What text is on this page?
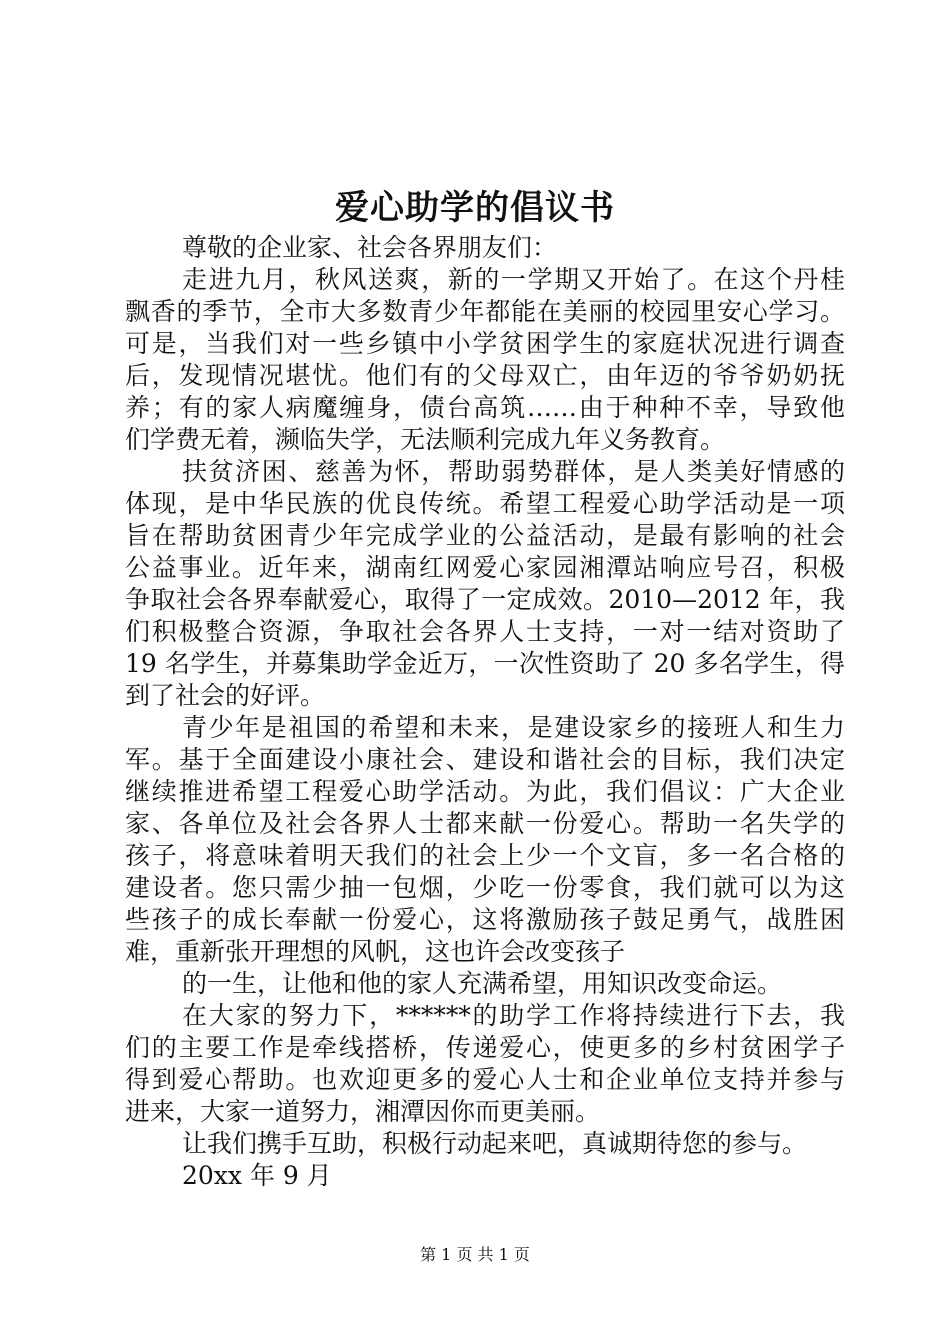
爱心助学的倡议书
尊敬的企业家、社会各界朋友们：
走进九月，秋风送爽，新的一学期又开始了。在这个丹桂
飘香的季节，全市大多数青少年都能在美丽的校园里安心学习。
可是，当我们对一些乡镇中小学贫困学生的家庭状况进行调查
后，发现情况堪忧。他们有的父母双亡，由年迈的爷爷奶奶抚
养；有的家人病魔缠身，债台高筑……由于种种不幸，导致他
们学费无着，濒临失学，无法顺利完成九年义务教育。
扶贫济困、慈善为怀，帮助弱势群体，是人类美好情感的
体现，是中华民族的优良传统。希望工程爱心助学活动是一项
旨在帮助贫困青少年完成学业的公益活动，是最有影响的社会
公益事业。近年来，湖南红网爱心家园湘潭站响应号召，积极
争取社会各界奉献爱心，取得了一定成效。2010—2012 年，我
们积极整合资源，争取社会各界人士支持，一对一结对资助了
19 名学生，并募集助学金近万，一次性资助了 20 多名学生，得
到了社会的好评。
青少年是祖国的希望和未来，是建设家乡的接班人和生力
军。基于全面建设小康社会、建设和谐社会的目标，我们决定
继续推进希望工程爱心助学活动。为此，我们倡议：广大企业
家、各单位及社会各界人士都来献一份爱心。帮助一名失学的
孩子，将意味着明天我们的社会上少一个文盲，多一名合格的
建设者。您只需少抽一包烟，少吃一份零食，我们就可以为这
些孩子的成长奉献一份爱心，这将激励孩子鼓足勇气，战胜困
难，重新张开理想的风帆，这也许会改变孩子
的一生，让他和他的家人充满希望，用知识改变命运。
在大家的努力下，******的助学工作将持续进行下去，我
们的主要工作是牵线搭桥，传递爱心，使更多的乡村贫困学子
得到爱心帮助。也欢迎更多的爱心人士和企业单位支持并参与
进来，大家一道努力，湘潭因你而更美丽。
让我们携手互助，积极行动起来吧，真诚期待您的参与。
20xx 年 9 月
第 1 页 共 1 页
